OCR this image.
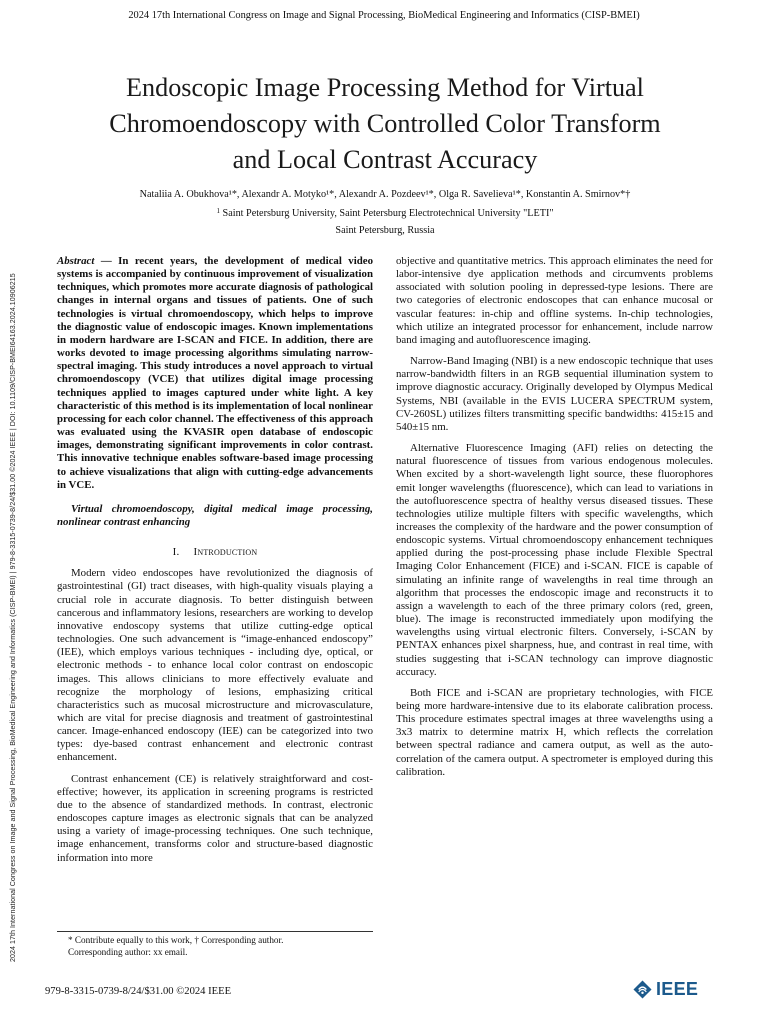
2024 17th International Congress on Image and Signal Processing, BioMedical Engineering and Informatics (CISP-BMEI)
2024 17th International Congress on Image and Signal Processing, BioMedical Engineering and Informatics (CISP-BMEI) | 979-8-3315-0739-8/24/$31.00 ©2024 IEEE | DOI: 10.1109/CISP-BMEI64163.2024.10906215
Endoscopic Image Processing Method for Virtual
Chromoendoscopy with Controlled Color Transform
and Local Contrast Accuracy
Nataliia A. Obukhova¹*, Alexandr A. Motyko¹*, Alexandr A. Pozdeev¹*, Olga R. Savelieva¹*, Konstantin A. Smirnov*†
$^1$ Saint Petersburg University, Saint Petersburg Electrotechnical University "LETI"
Saint Petersburg, Russia

Abstract — In recent years, the development of medical video systems is accompanied by continuous improvement of visualization techniques, which promotes more accurate diagnosis of pathological changes in internal organs and tissues of patients. One of such technologies is virtual chromoendoscopy, which helps to improve the diagnostic value of endoscopic images. Known implementations in modern hardware are I-SCAN and FICE. In addition, there are works devoted to image processing algorithms simulating narrow-spectral imaging. This study introduces a novel approach to virtual chromoendoscopy (VCE) that utilizes digital image processing techniques applied to images captured under white light. A key characteristic of this method is its implementation of local nonlinear processing for each color channel. The effectiveness of this approach was evaluated using the KVASIR open database of endoscopic images, demonstrating significant improvements in color contrast. This innovative technique enables software-based image processing to achieve visualizations that align with cutting-edge advancements in VCE.

Virtual chromoendoscopy, digital medical image processing, nonlinear contrast enhancing

I. Introduction

Modern video endoscopes have revolutionized the diagnosis of gastrointestinal (GI) tract diseases, with high-quality visuals playing a crucial role in accurate diagnosis. To better distinguish between cancerous and inflammatory lesions, researchers are working to develop innovative endoscopy systems that utilize cutting-edge optical technologies. One such advancement is “image-enhanced endoscopy” (IEE), which employs various techniques - including dye, optical, or electronic methods - to enhance local color contrast on endoscopic images. This allows clinicians to more effectively evaluate and recognize the morphology of lesions, emphasizing critical characteristics such as mucosal microstructure and microvasculature, which are vital for precise diagnosis and treatment of gastrointestinal cancer. Image-enhanced endoscopy (IEE) can be categorized into two types: dye-based contrast enhancement and electronic contrast enhancement.

Contrast enhancement (CE) is relatively straightforward and cost-effective; however, its application in screening programs is restricted due to the absence of standardized methods. In contrast, electronic endoscopes capture images as electronic signals that can be analyzed using a variety of image-processing techniques. One such technique, image enhancement, transforms color and structure-based diagnostic information into more

objective and quantitative metrics. This approach eliminates the need for labor-intensive dye application methods and circumvents problems associated with solution pooling in depressed-type lesions. There are two categories of electronic endoscopes that can enhance mucosal or vascular features: in-chip and offline systems. In-chip technologies, which utilize an integrated processor for enhancement, include narrow band imaging and autofluorescence imaging.

Narrow-Band Imaging (NBI) is a new endoscopic technique that uses narrow-bandwidth filters in an RGB sequential illumination system to improve diagnostic accuracy. Originally developed by Olympus Medical Systems, NBI (available in the EVIS LUCERA SPECTRUM system, CV-260SL) utilizes filters transmitting specific bandwidths: 415±15 and 540±15 nm.

Alternative Fluorescence Imaging (AFI) relies on detecting the natural fluorescence of tissues from various endogenous molecules. When excited by a short-wavelength light source, these fluorophores emit longer wavelengths (fluorescence), which can lead to variations in the autofluorescence spectra of healthy versus diseased tissues. These technologies utilize multiple filters with specific wavelengths, which increases the complexity of the hardware and the power consumption of endoscopic systems. Virtual chromoendoscopy enhancement techniques applied during the post-processing phase include Flexible Spectral Imaging Color Enhancement (FICE) and i-SCAN. FICE is capable of simulating an infinite range of wavelengths in real time through an algorithm that processes the endoscopic image and reconstructs it to assign a wavelength to each of the three primary colors (red, green, blue). The image is reconstructed immediately upon modifying the wavelengths using virtual electronic filters. Conversely, i-SCAN by PENTAX enhances pixel sharpness, hue, and contrast in real time, with studies suggesting that i-SCAN technology can improve diagnostic accuracy.

Both FICE and i-SCAN are proprietary technologies, with FICE being more hardware-intensive due to its elaborate calibration process. This procedure estimates spectral images at three wavelengths using a 3x3 matrix to determine matrix H, which reflects the correlation between spectral radiance and camera output, as well as the auto-correlation of the camera output. A spectrometer is employed during this calibration.

* Contribute equally to this work, † Corresponding author.
Corresponding author: xx email.
979-8-3315-0739-8/24/$31.00 ©2024 IEEE	IEEE
